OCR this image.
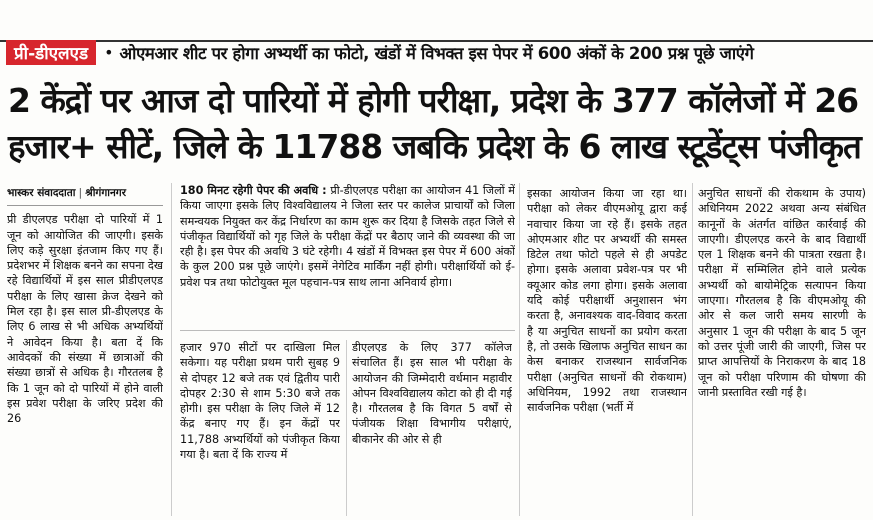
प्री-डीएलएड	• ओएमआर शीट पर होगा अभ्यर्थी का फोटो, खंडों में विभक्त इस पेपर में 600 अंकों के 200 प्रश्न पूछे जाएंगे
2 केंद्रों पर आज दो पारियों में होगी परीक्षा, प्रदेश के 377 कॉलेजों में 26
हजार+ सीटें, जिले के 11788 जबकि प्रदेश के 6 लाख स्टूडेंट्स पंजीकृत
भास्कर संवाददाता | श्रीगंगानगर

प्री डीएलएड परीक्षा दो पारियों में 1 जून को आयोजित की जाएगी। इसके लिए कड़े सुरक्षा इंतजाम किए गए हैं। प्रदेशभर में शिक्षक बनने का सपना देख रहे विद्यार्थियों में इस साल प्रीडीएलएड परीक्षा के लिए खासा क्रेज देखने को मिल रहा है। इस साल प्री-डीएलएड के लिए 6 लाख से भी अधिक अभ्यर्थियों ने आवेदन किया है। बता दें कि आवेदकों की संख्या में छात्राओं की संख्या छात्रों से अधिक है। गौरतलब है कि 1 जून को दो पारियों में होने वाली इस प्रवेश परीक्षा के जरिए प्रदेश की 26

180 मिनट रहेगी पेपर की अवधि : प्री-डीएलएड परीक्षा का आयोजन 41 जिलों में किया जाएगा इसके लिए विश्वविद्यालय ने जिला स्तर पर कालेज प्राचार्यों को जिला समन्वयक नियुक्त कर केंद्र निर्धारण का काम शुरू कर दिया है जिसके तहत जिले से पंजीकृत विद्यार्थियों को गृह जिले के परीक्षा केंद्रों पर बैठाए जाने की व्यवस्था की जा रही है। इस पेपर की अवधि 3 घंटे रहेगी। 4 खंडों में विभक्त इस पेपर में 600 अंकों के कुल 200 प्रश्न पूछे जाएंगे। इसमें नेगेटिव मार्किंग नहीं होगी। परीक्षार्थियों को ई-प्रवेश पत्र तथा फोटोयुक्त मूल पहचान-पत्र साथ लाना अनिवार्य होगा।

हजार 970 सीटों पर दाखिला मिल सकेगा। यह परीक्षा प्रथम पारी सुबह 9 से दोपहर 12 बजे तक एवं द्वितीय पारी दोपहर 2:30 से शाम 5:30 बजे तक होगी। इस परीक्षा के लिए जिले में 12 केंद्र बनाए गए हैं। इन केंद्रों पर 11,788 अभ्यर्थियों को पंजीकृत किया गया है। बता दें कि राज्य में

डीएलएड के लिए 377 कॉलेज संचालित हैं। इस साल भी परीक्षा के आयोजन की जिम्मेदारी वर्धमान महावीर ओपन विश्वविद्यालय कोटा को ही दी गई है। गौरतलब है कि विगत 5 वर्षों से पंजीयक शिक्षा विभागीय परीक्षाएं, बीकानेर की ओर से ही

इसका आयोजन किया जा रहा था। परीक्षा को लेकर वीएमओयू द्वारा कई नवाचार किया जा रहे हैं। इसके तहत ओएमआर शीट पर अभ्यर्थी की समस्त डिटेल तथा फोटो पहले से ही अपडेट होगा। इसके अलावा प्रवेश-पत्र पर भी क्यूआर कोड लगा होगा। इसके अलावा यदि कोई परीक्षार्थी अनुशासन भंग करता है, अनावश्यक वाद-विवाद करता है या अनुचित साधनों का प्रयोग करता है, तो उसके खिलाफ अनुचित साधन का केस बनाकर राजस्थान सार्वजनिक परीक्षा (अनुचित साधनों की रोकथाम) अधिनियम, 1992 तथा राजस्थान सार्वजनिक परीक्षा (भर्ती में

अनुचित साधनों की रोकथाम के उपाय) अधिनियम 2022 अथवा अन्य संबंधित कानूनों के अंतर्गत वांछित कार्रवाई की जाएगी। डीएलएड करने के बाद विद्यार्थी एल 1 शिक्षक बनने की पात्रता रखता है। परीक्षा में सम्मिलित होने वाले प्रत्येक अभ्यर्थी को बायोमेट्रिक सत्यापन किया जाएगा। गौरतलब है कि वीएमओयू की ओर से कल जारी समय सारणी के अनुसार 1 जून की परीक्षा के बाद 5 जून को उत्तर पूंजी जारी की जाएगी, जिस पर प्राप्त आपत्तियों के निराकरण के बाद 18 जून को परीक्षा परिणाम की घोषणा की जानी प्रस्तावित रखी गई है।
